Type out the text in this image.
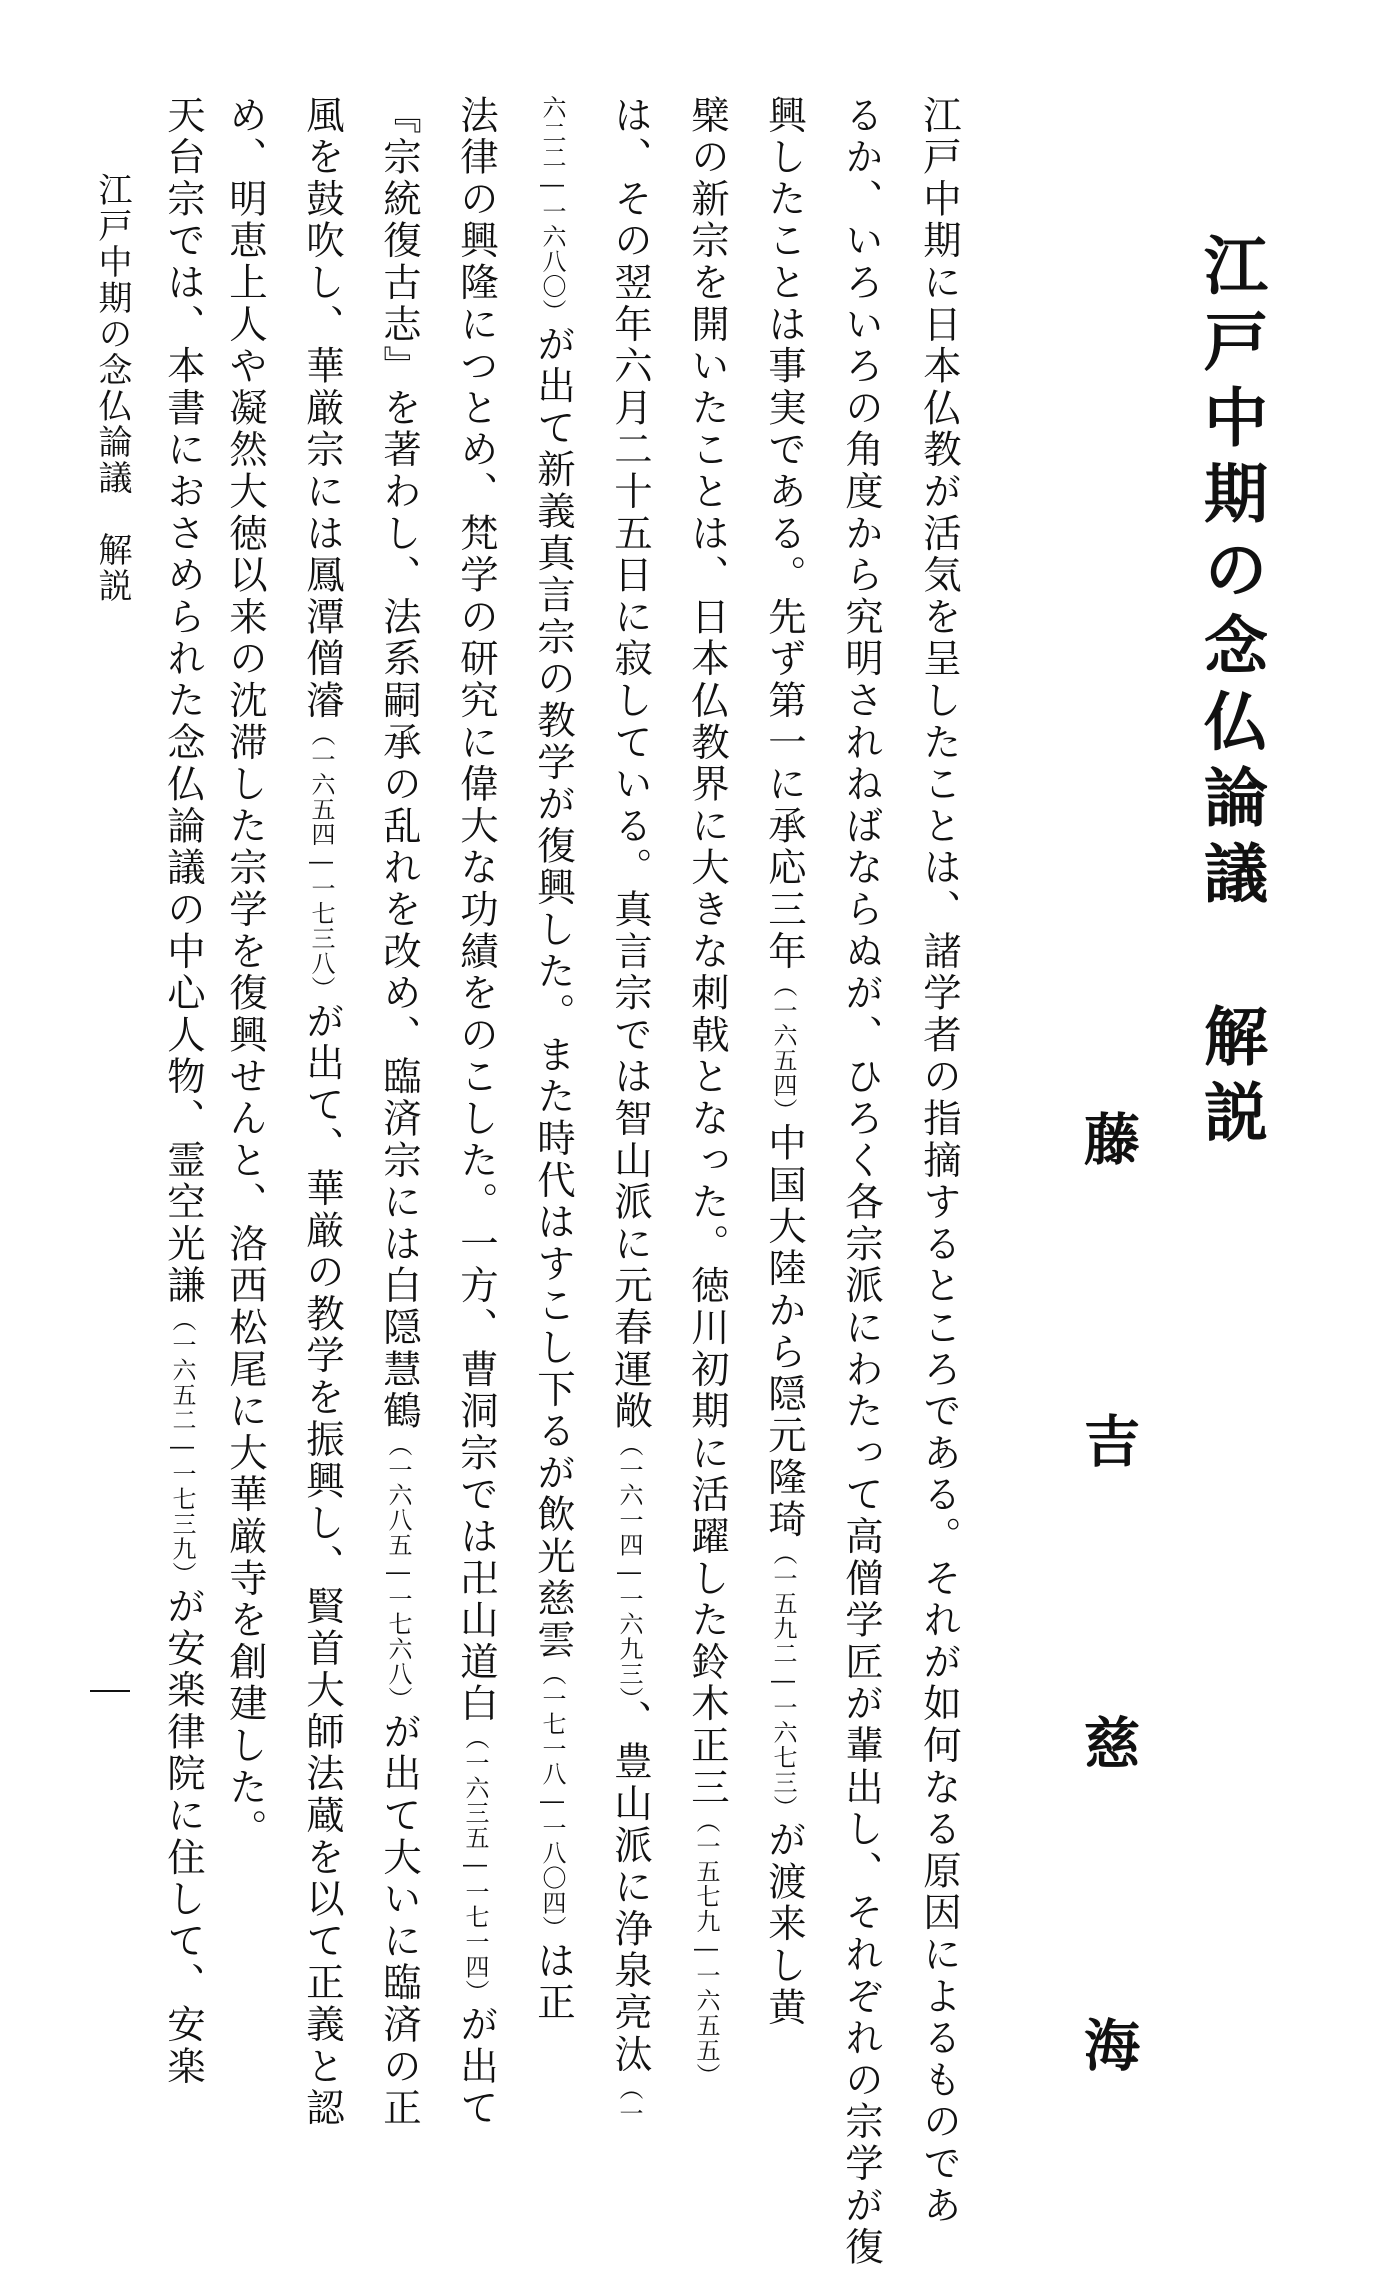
江戸中期の念仏論議 解説
藤 吉 慈 海

江戸中期に日本仏教が活気を呈したことは、諸学者の指摘するところである。それが如何なる原因によるものであ

るか、いろいろの角度から究明されねばならぬが、ひろく各宗派にわたって高僧学匠が輩出し、それぞれの宗学が復

興したことは事実である。先ず第一に承応三年（一六五四）中国大陸から隠元隆琦（一五九二―一六七三）が渡来し黄

檗の新宗を開いたことは、日本仏教界に大きな刺戟となった。徳川初期に活躍した鈴木正三（一五七九―一六五五）

は、その翌年六月二十五日に寂している。真言宗では智山派に元春運敞（一六一四―一六九三）、豊山派に浄泉亮汰（一

六二二―一六八〇）が出て新義真言宗の教学が復興した。また時代はすこし下るが飲光慈雲（一七一八―一八〇四）は正

法律の興隆につとめ、梵学の研究に偉大な功績をのこした。一方、曹洞宗では卍山道白（一六三五―一七一四）が出て

『宗統復古志』を著わし、法系嗣承の乱れを改め、臨済宗には白隠慧鶴（一六八五―一七六八）が出て大いに臨済の正

風を鼓吹し、華厳宗には鳳潭僧濬（一六五四―一七三八）が出て、華厳の教学を振興し、賢首大師法蔵を以て正義と認

め、明恵上人や凝然大徳以来の沈滞した宗学を復興せんと、洛西松尾に大華厳寺を創建した。

天台宗では、本書におさめられた念仏論議の中心人物、霊空光謙（一六五二―一七三九）が安楽律院に住して、安楽

江戸中期の念仏論議　解説
